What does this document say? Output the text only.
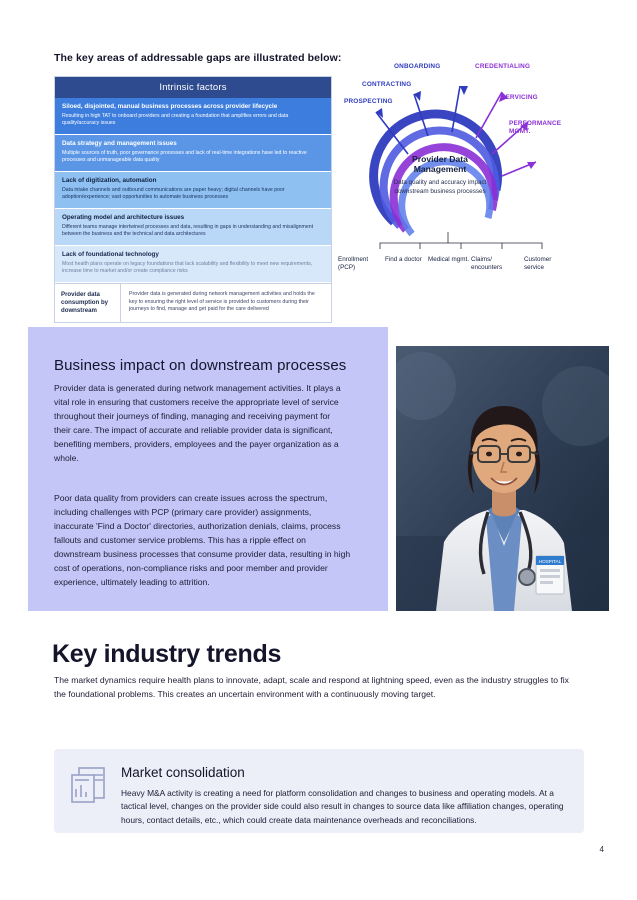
The key areas of addressable gaps are illustrated below:
Intrinsic factors
Siloed, disjointed, manual business processes across provider lifecycle
Resulting in high TAT to onboard providers and creating a foundation that amplifies errors and data quality/accuracy issues
Data strategy and management issues
Multiple sources of truth, poor governance processes and lack of real-time integrations have led to reactive processes and unmanageable data quality
Lack of digitization, automation
Data intake channels and outbound communications are paper heavy; digital channels have poor adoption/experience; vast opportunities to automate business processes
Operating model and architecture issues
Different teams manage intertwined processes and data, resulting in gaps in understanding and misalignment between the business and the technical and data architectures
Lack of foundational technology
Most health plans operate on legacy foundations that lack scalability and flexibility to meet new requirements, increase time to market and/or create compliance risks
Provider data consumption by downstream
Provider data is generated during network management activities and holds the key to ensuring the right level of service is provided to customers during their journeys to find, manage and get paid for the care delivered
PROSPECTING
CONTRACTING
ONBOARDING	CREDENTIALING
SERVICING
PERFORMANCE MGMT.
Provider Data Management
Data quality and accuracy impact downstream business processes
Enrollment (PCP)
Find a doctor Medical mgmt. Claims/ encounters
Customer service
Business impact on downstream processes
Provider data is generated during network management activities. It plays a vital role in ensuring that customers receive the appropriate level of service throughout their journeys of finding, managing and receiving payment for their care. The impact of accurate and reliable provider data is significant, benefiting members, providers, employees and the payer organization as a whole.
Poor data quality from providers can create issues across the spectrum, including challenges with PCP (primary care provider) assignments, inaccurate 'Find a Doctor' directories, authorization denials, claims, process fallouts and customer service problems. This has a ripple effect on downstream business processes that consume provider data, resulting in high cost of operations, non-compliance risks and poor member and provider experience, ultimately leading to attrition.
HOSPITAL
Key industry trends
The market dynamics require health plans to innovate, adapt, scale and respond at lightning speed, even as the industry struggles to fix the foundational problems. This creates an uncertain environment with a continuously moving target.
Market consolidation
Heavy M&A activity is creating a need for platform consolidation and changes to business and operating models. At a tactical level, changes on the provider side could also result in changes to source data like affiliation changes, operating hours, contact details, etc., which could create data maintenance overheads and reconciliations.
4
